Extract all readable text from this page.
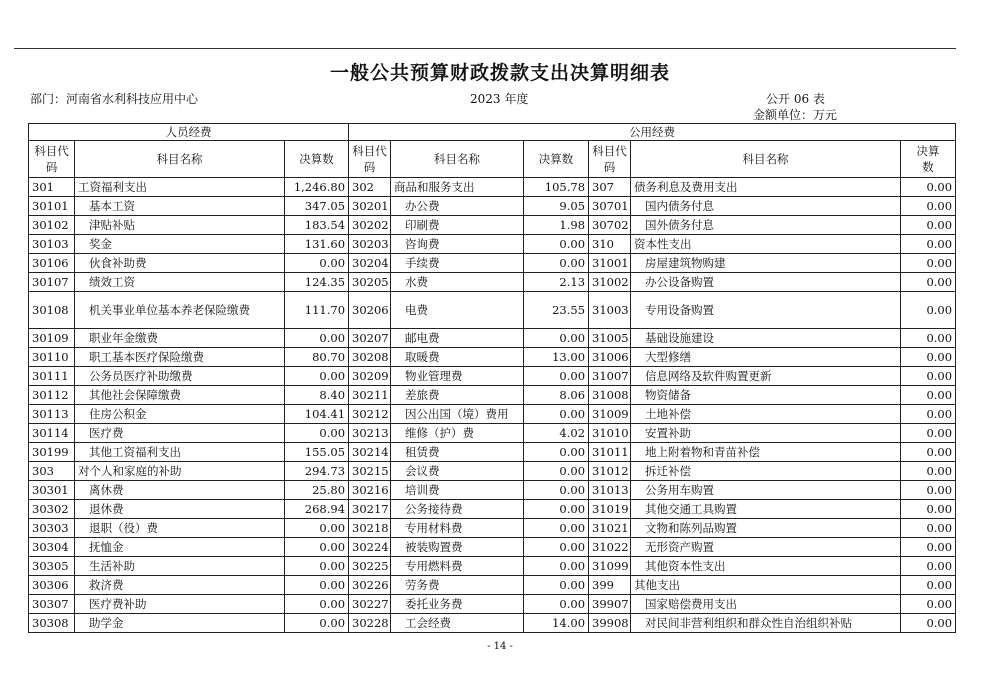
一般公共预算财政拨款支出决算明细表
部门：河南省水利科技应用中心	2023 年度	公开 06 表
金额单位：万元
人员经费			公用经费					
科目代码	科目名称	决算数	科目代码	科目名称	决算数	科目代码	科目名称	决算数
301	工资福利支出	1,246.80	302	商品和服务支出	105.78	307	债务利息及费用支出	0.00
30101	基本工资	347.05	30201	办公费	9.05	30701	国内债务付息	0.00
30102	津贴补贴	183.54	30202	印刷费	1.98	30702	国外债务付息	0.00
30103	奖金	131.60	30203	咨询费	0.00	310	资本性支出	0.00
30106	伙食补助费	0.00	30204	手续费	0.00	31001	房屋建筑物购建	0.00
30107	绩效工资	124.35	30205	水费	2.13	31002	办公设备购置	0.00
30108	机关事业单位基本养老保险缴费	111.70	30206	电费	23.55	31003	专用设备购置	0.00
30109	职业年金缴费	0.00	30207	邮电费	0.00	31005	基础设施建设	0.00
30110	职工基本医疗保险缴费	80.70	30208	取暖费	13.00	31006	大型修缮	0.00
30111	公务员医疗补助缴费	0.00	30209	物业管理费	0.00	31007	信息网络及软件购置更新	0.00
30112	其他社会保障缴费	8.40	30211	差旅费	8.06	31008	物资储备	0.00
30113	住房公积金	104.41	30212	因公出国（境）费用	0.00	31009	土地补偿	0.00
30114	医疗费	0.00	30213	维修（护）费	4.02	31010	安置补助	0.00
30199	其他工资福利支出	155.05	30214	租赁费	0.00	31011	地上附着物和青苗补偿	0.00
303	对个人和家庭的补助	294.73	30215	会议费	0.00	31012	拆迁补偿	0.00
30301	离休费	25.80	30216	培训费	0.00	31013	公务用车购置	0.00
30302	退休费	268.94	30217	公务接待费	0.00	31019	其他交通工具购置	0.00
30303	退职（役）费	0.00	30218	专用材料费	0.00	31021	文物和陈列品购置	0.00
30304	抚恤金	0.00	30224	被装购置费	0.00	31022	无形资产购置	0.00
30305	生活补助	0.00	30225	专用燃料费	0.00	31099	其他资本性支出	0.00
30306	救济费	0.00	30226	劳务费	0.00	399	其他支出	0.00
30307	医疗费补助	0.00	30227	委托业务费	0.00	39907	国家赔偿费用支出	0.00
30308	助学金	0.00	30228	工会经费	14.00	39908	对民间非营利组织和群众性自治组织补贴	0.00
- 14 -
